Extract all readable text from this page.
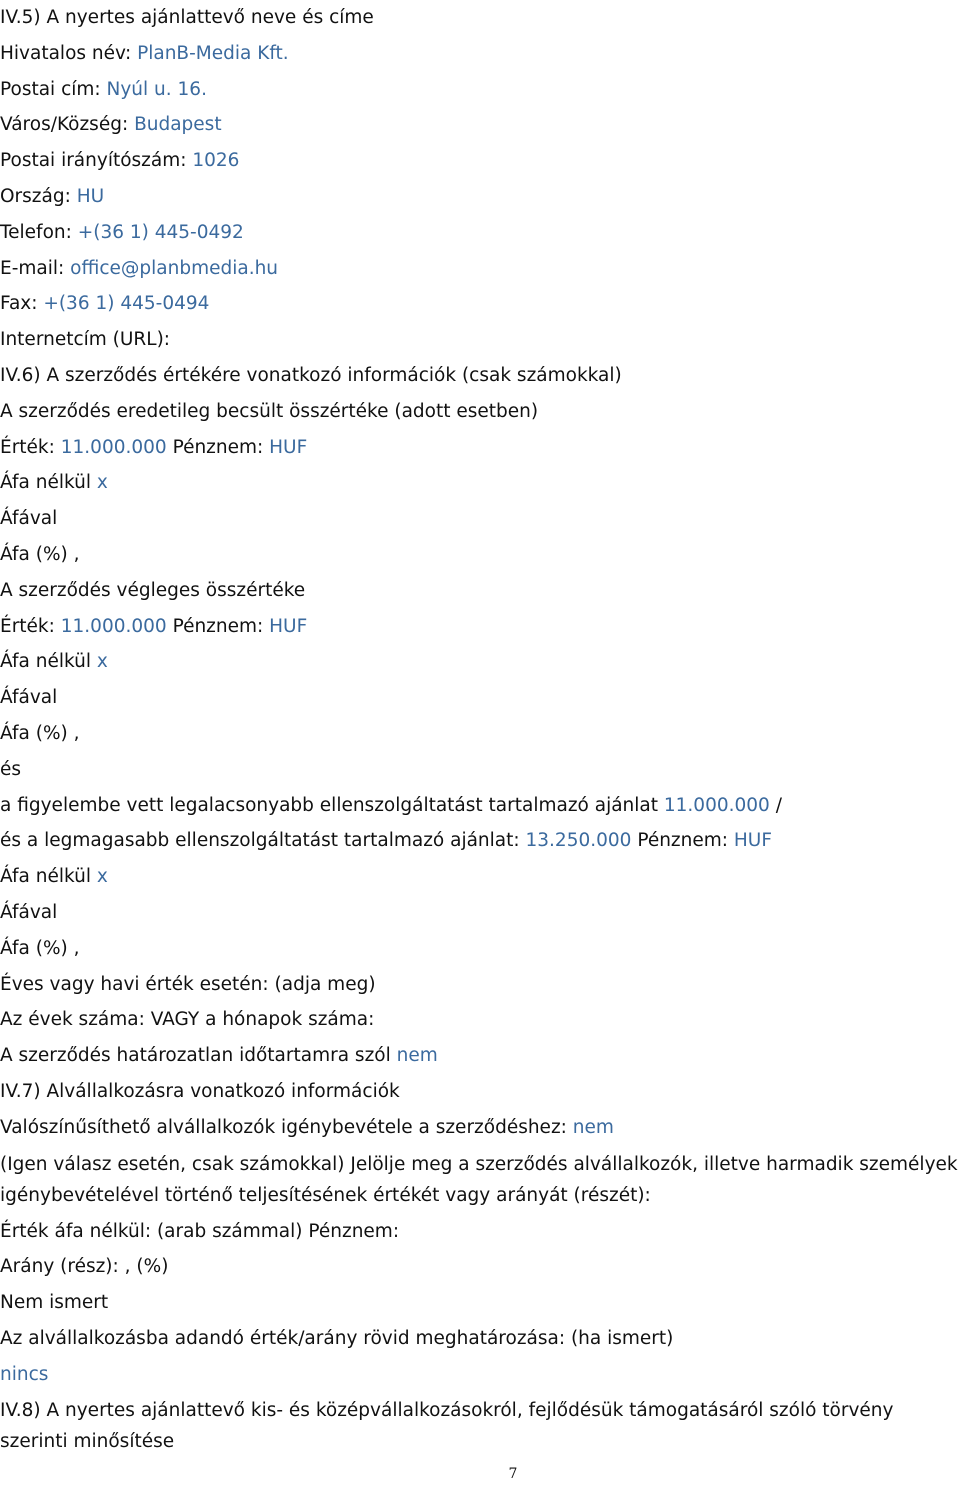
IV.5) A nyertes ajánlattevő neve és címe
Hivatalos név: PlanB-Media Kft.
Postai cím: Nyúl u. 16.
Város/Község: Budapest
Postai irányítószám: 1026
Ország: HU
Telefon: +(36 1) 445-0492
E-mail: office@planbmedia.hu
Fax: +(36 1) 445-0494
Internetcím (URL):
IV.6) A szerződés értékére vonatkozó információk (csak számokkal)
A szerződés eredetileg becsült összértéke (adott esetben)
Érték: 11.000.000 Pénznem: HUF
Áfa nélkül x
Áfával
Áfa (%) ,
A szerződés végleges összértéke
Érték: 11.000.000 Pénznem: HUF
Áfa nélkül x
Áfával
Áfa (%) ,
és
a figyelembe vett legalacsonyabb ellenszolgáltatást tartalmazó ajánlat 11.000.000 /
és a legmagasabb ellenszolgáltatást tartalmazó ajánlat: 13.250.000 Pénznem: HUF
Áfa nélkül x
Áfával
Áfa (%) ,
Éves vagy havi érték esetén: (adja meg)
Az évek száma: VAGY a hónapok száma:
A szerződés határozatlan időtartamra szól nem
IV.7) Alvállalkozásra vonatkozó információk
Valószínűsíthető alvállalkozók igénybevétele a szerződéshez: nem
(Igen válasz esetén, csak számokkal) Jelölje meg a szerződés alvállalkozók, illetve harmadik személyek igénybevételével történő teljesítésének értékét vagy arányát (részét):
Érték áfa nélkül: (arab számmal) Pénznem:
Arány (rész): , (%)
Nem ismert
Az alvállalkozásba adandó érték/arány rövid meghatározása: (ha ismert)
nincs
IV.8) A nyertes ajánlattevő kis- és középvállalkozásokról, fejlődésük támogatásáról szóló törvény szerinti minősítése
7
